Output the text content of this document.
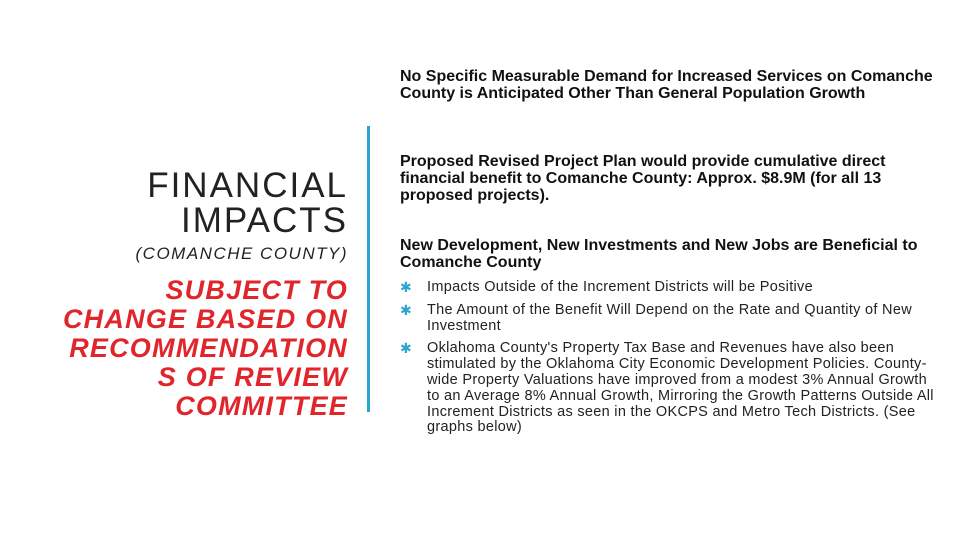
FINANCIAL
IMPACTS
(COMANCHE COUNTY)
SUBJECT TO
CHANGE BASED ON
RECOMMENDATION
S OF REVIEW
COMMITTEE

No Specific Measurable Demand for Increased Services on Comanche County is Anticipated Other Than General Population Growth

Proposed Revised Project Plan would provide cumulative direct financial benefit to Comanche County: Approx. $8.9M (for all 13 proposed projects).

New Development, New Investments and New Jobs are Beneficial to Comanche County

✱ Impacts Outside of the Increment Districts will be Positive
✱ The Amount of the Benefit Will Depend on the Rate and Quantity of New Investment
✱ Oklahoma County's Property Tax Base and Revenues have also been stimulated by the Oklahoma City Economic Development Policies. County-wide Property Valuations have improved from a modest 3% Annual Growth to an Average 8% Annual Growth, Mirroring the Growth Patterns Outside All Increment Districts as seen in the OKCPS and Metro Tech Districts. (See graphs below)
